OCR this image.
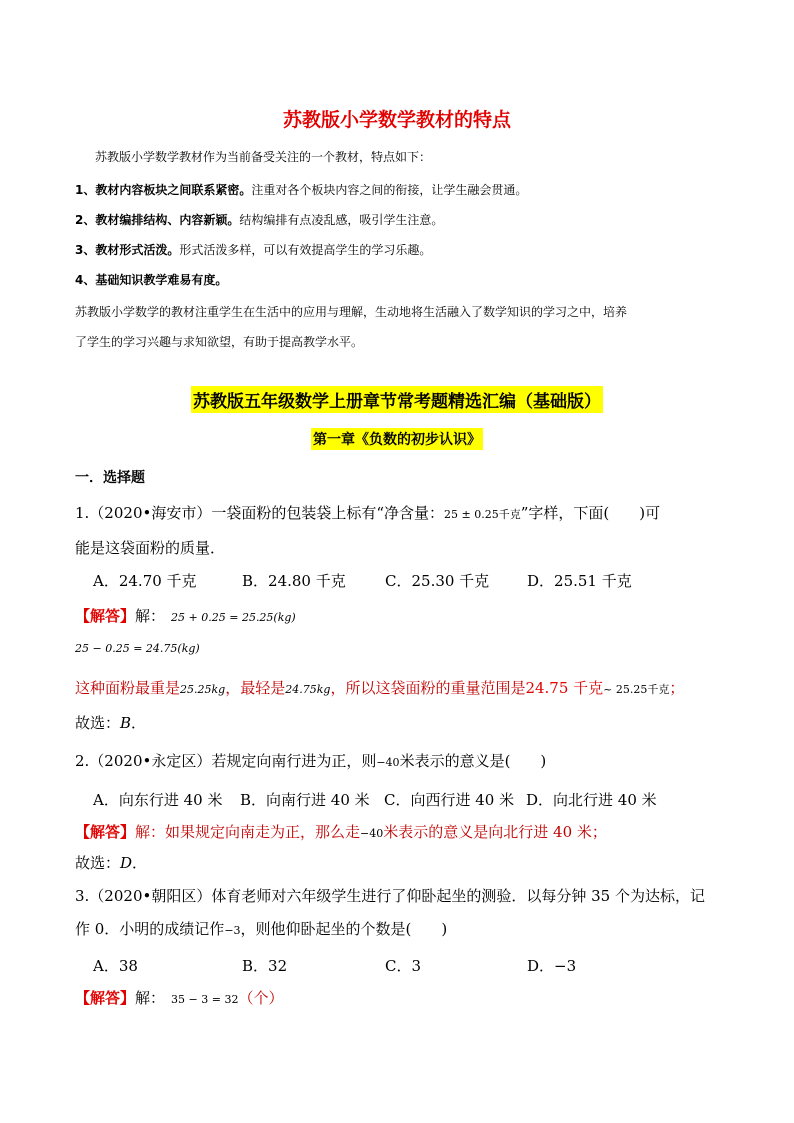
苏教版小学数学教材的特点
苏教版小学数学教材作为当前备受关注的一个教材，特点如下：
1、教材内容板块之间联系紧密。注重对各个板块内容之间的衔接，让学生融会贯通。
2、教材编排结构、内容新颖。结构编排有点凌乱感，吸引学生注意。
3、教材形式活泼。形式活泼多样，可以有效提高学生的学习乐趣。
4、基础知识教学难易有度。
苏教版小学数学的教材注重学生在生活中的应用与理解，生动地将生活融入了数学知识的学习之中，培养
了学生的学习兴趣与求知欲望，有助于提高教学水平。
苏教版五年级数学上册章节常考题精选汇编（基础版）
第一章《负数的初步认识》
一．选择题
1.（2020•海安市）一袋面粉的包装袋上标有“净含量：25 ± 0.25千克”字样，下面(　　)可
能是这袋面粉的质量．
A．24.70 千克	B．24.80 千克	C．25.30 千克	D．25.51 千克
【解答】解： 25 + 0.25 = 25.25(kg)
25 − 0.25 = 24.75(kg)
这种面粉最重是25.25kg，最轻是24.75kg，所以这袋面粉的重量范围是24.75 千克~ 25.25千克；
故选：B．
2.（2020•永定区）若规定向南行进为正，则−40米表示的意义是(　　)
A．向东行进 40 米 B．向南行进 40 米 C．向西行进 40 米 D．向北行进 40 米
【解答】解：如果规定向南走为正，那么走−40米表示的意义是向北行进 40 米；
故选：D．
3.（2020•朝阳区）体育老师对六年级学生进行了仰卧起坐的测验．以每分钟 35 个为达标，记
作 0．小明的成绩记作−3，则他仰卧起坐的个数是(　　)
A．38	B．32	C．3	D．−3
【解答】解： 35 − 3 = 32（个）
